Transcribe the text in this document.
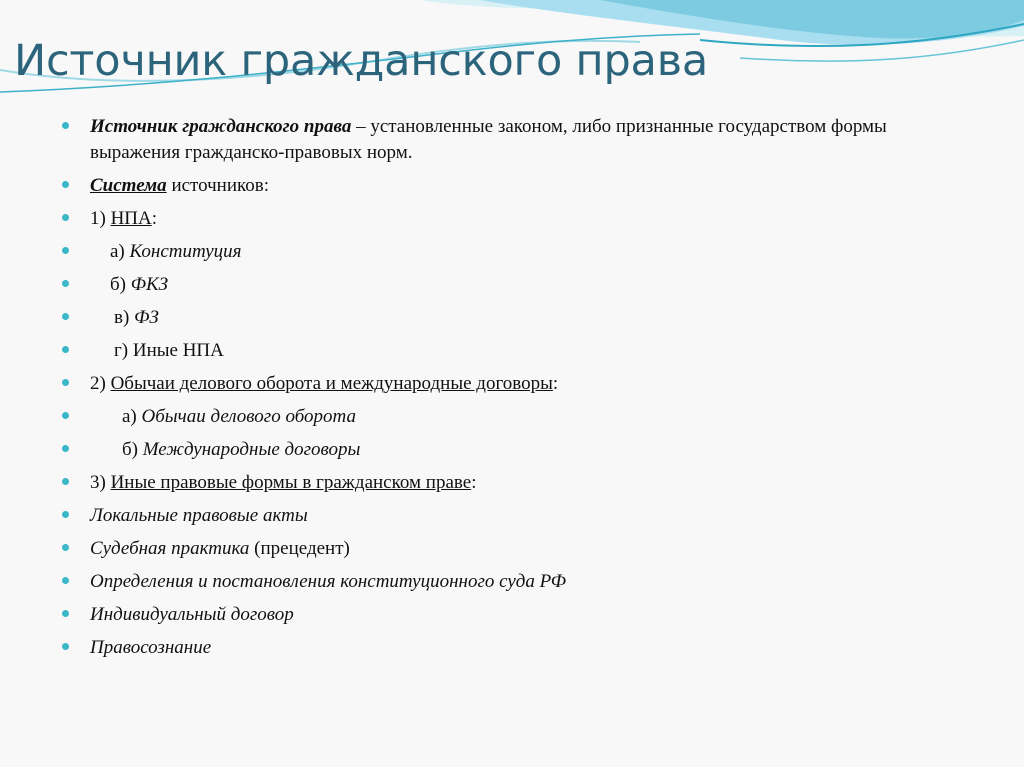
Источник гражданского права
Источник гражданского права – установленные законом, либо признанные государством формы выражения гражданско-правовых норм.
Система источников:
1) НПА:
а) Конституция
б) ФКЗ
в) ФЗ
г) Иные НПА
2) Обычаи делового оборота и международные договоры:
а) Обычаи делового оборота
б) Международные договоры
3) Иные правовые формы в гражданском праве:
Локальные правовые акты
Судебная практика (прецедент)
Определения и постановления конституционного суда РФ
Индивидуальный договор
Правосознание
